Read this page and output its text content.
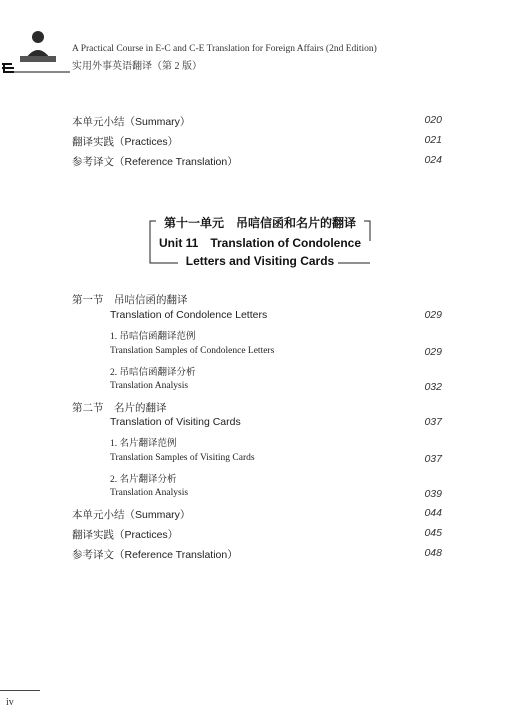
A Practical Course in E-C and C-E Translation for Foreign Affairs (2nd Edition)
实用外事英语翻译（第 2 版）
本单元小结（Summary）	020
翻译实践（Practices）	021
参考译文（Reference Translation）	024
第十一单元　吊唁信函和名片的翻译
Unit 11　Translation of Condolence
Letters and Visiting Cards
第一节　吊唁信函的翻译
Translation of Condolence Letters	029
1. 吊唁信函翻译范例
Translation Samples of Condolence Letters	029
2. 吊唁信函翻译分析
Translation Analysis	032
第二节　名片的翻译
Translation of Visiting Cards	037
1. 名片翻译范例
Translation Samples of Visiting Cards	037
2. 名片翻译分析
Translation Analysis	039
本单元小结（Summary）	044
翻译实践（Practices）	045
参考译文（Reference Translation）	048
iv
